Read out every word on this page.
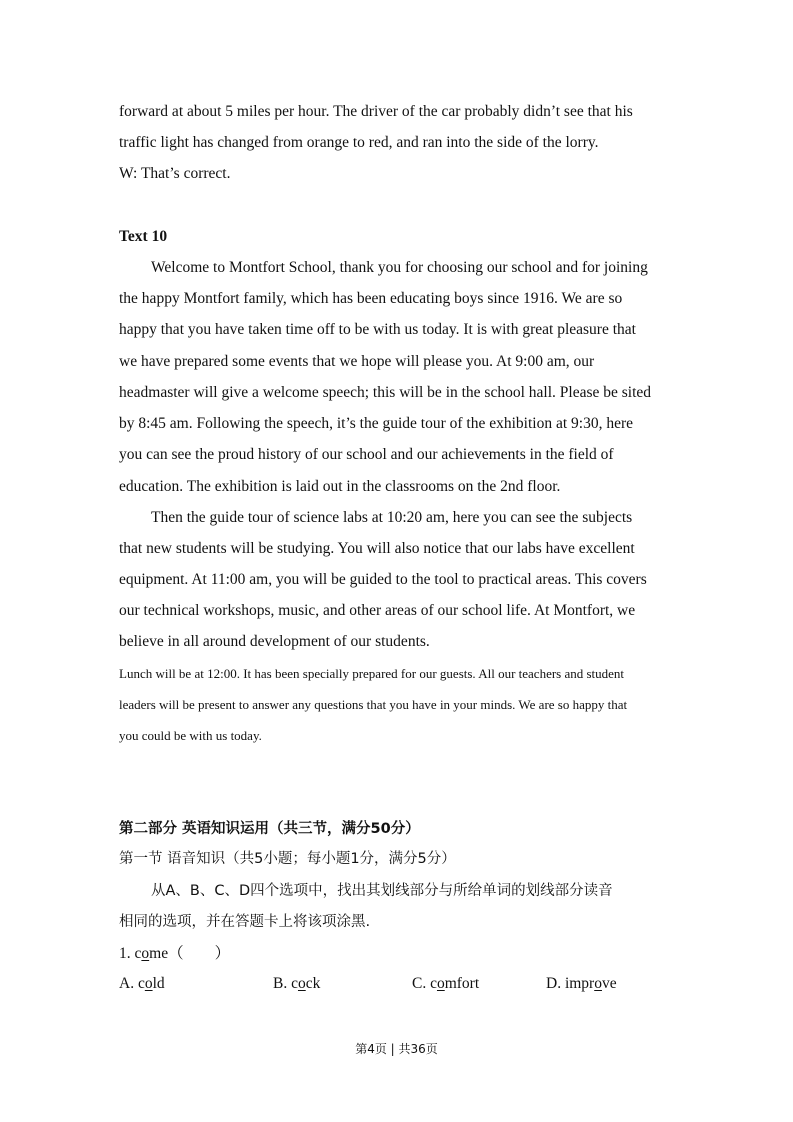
forward at about 5 miles per hour. The driver of the car probably didn’t see that his
traffic light has changed from orange to red, and ran into the side of the lorry.
W: That’s correct.
Text 10
Welcome to Montfort School, thank you for choosing our school and for joining
the happy Montfort family, which has been educating boys since 1916. We are so
happy that you have taken time off to be with us today. It is with great pleasure that
we have prepared some events that we hope will please you. At 9:00 am, our
headmaster will give a welcome speech; this will be in the school hall. Please be sited
by 8:45 am. Following the speech, it’s the guide tour of the exhibition at 9:30, here
you can see the proud history of our school and our achievements in the field of
education. The exhibition is laid out in the classrooms on the 2nd floor.
Then the guide tour of science labs at 10:20 am, here you can see the subjects
that new students will be studying. You will also notice that our labs have excellent
equipment. At 11:00 am, you will be guided to the tool to practical areas. This covers
our technical workshops, music, and other areas of our school life. At Montfort, we
believe in all around development of our students.
Lunch will be at 12:00. It has been specially prepared for our guests. All our teachers and student
leaders will be present to answer any questions that you have in your minds. We are so happy that
you could be with us today.
第二部分 英语知识运用（共三节，满分50分）
第一节 语音知识（共5小题；每小题1分，满分5分）
从A、B、C、D四个选项中，找出其划线部分与所给单词的划线部分读音
相同的选项，并在答题卡上将该项涂黑.
1. come（　　）
A. cold	B. cock	C. comfort	D. improve
第4页 | 共36页
